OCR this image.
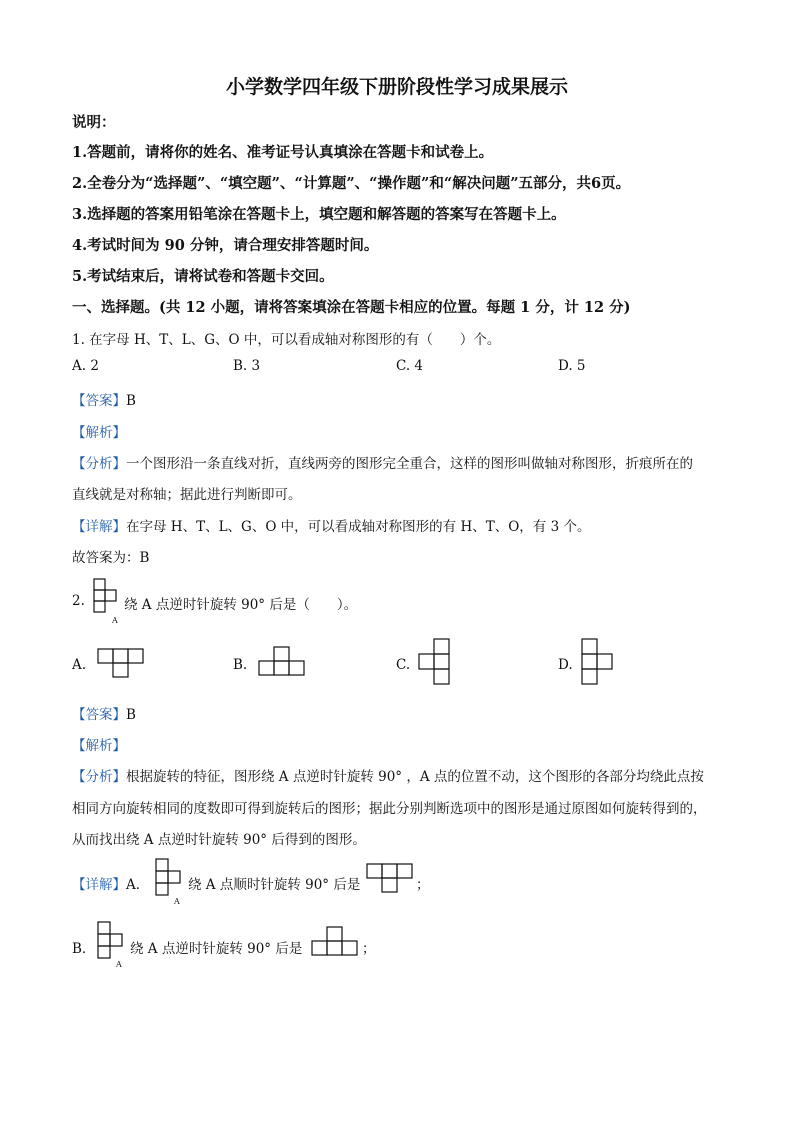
小学数学四年级下册阶段性学习成果展示
说明：
1.答题前，请将你的姓名、准考证号认真填涂在答题卡和试卷上。
2.全卷分为“选择题”、“填空题”、“计算题”、“操作题”和“解决问题”五部分，共6页。
3.选择题的答案用铅笔涂在答题卡上，填空题和解答题的答案写在答题卡上。
4.考试时间为 90 分钟，请合理安排答题时间。
5.考试结束后，请将试卷和答题卡交回。
一、选择题。(共 12 小题，请将答案填涂在答题卡相应的位置。每题 1 分，计 12 分)
1. 在字母 H、T、L、G、O 中，可以看成轴对称图形的有（　　）个。
A. 2	B. 3	C. 4	D. 5
【答案】B
【解析】
【分析】一个图形沿一条直线对折，直线两旁的图形完全重合，这样的图形叫做轴对称图形，折痕所在的
直线就是对称轴；据此进行判断即可。
【详解】在字母 H、T、L、G、O 中，可以看成轴对称图形的有 H、T、O，有 3 个。
故答案为：B
2.
A
绕 A 点逆时针旋转 90° 后是（　　）。
A.	B.	C.	D.
【答案】B
【解析】
【分析】根据旋转的特征，图形绕 A 点逆时针旋转 90° ，A 点的位置不动，这个图形的各部分均绕此点按
相同方向旋转相同的度数即可得到旋转后的图形；据此分别判断选项中的图形是通过原图如何旋转得到的，
从而找出绕 A 点逆时针旋转 90° 后得到的图形。
【详解】A．
A
绕 A 点顺时针旋转 90° 后是	；
B．
A
绕 A 点逆时针旋转 90° 后是	；
